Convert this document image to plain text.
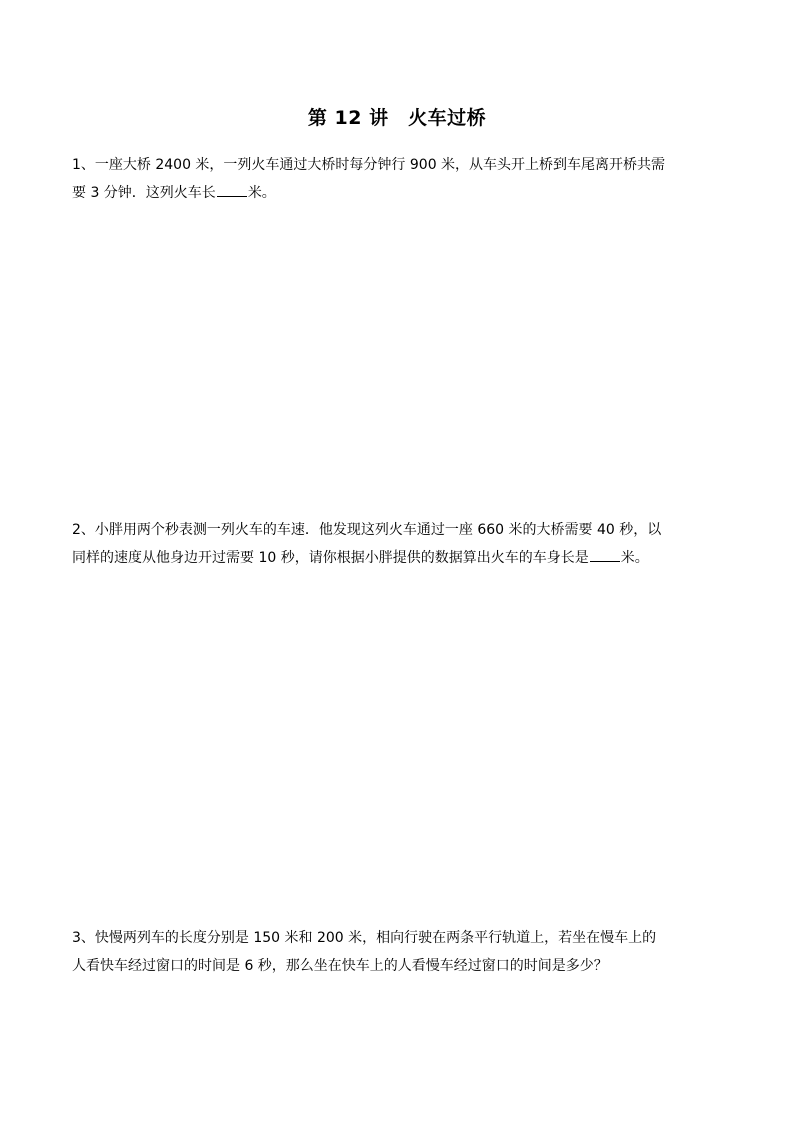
第 12 讲　火车过桥
1、一座大桥 2400 米，一列火车通过大桥时每分钟行 900 米，从车头开上桥到车尾离开桥共需
要 3 分钟．这列火车长 米。
2、小胖用两个秒表测一列火车的车速．他发现这列火车通过一座 660 米的大桥需要 40 秒，以
同样的速度从他身边开过需要 10 秒，请你根据小胖提供的数据算出火车的车身长是 米。
3、快慢两列车的长度分别是 150 米和 200 米，相向行驶在两条平行轨道上，若坐在慢车上的
人看快车经过窗口的时间是 6 秒，那么坐在快车上的人看慢车经过窗口的时间是多少？
